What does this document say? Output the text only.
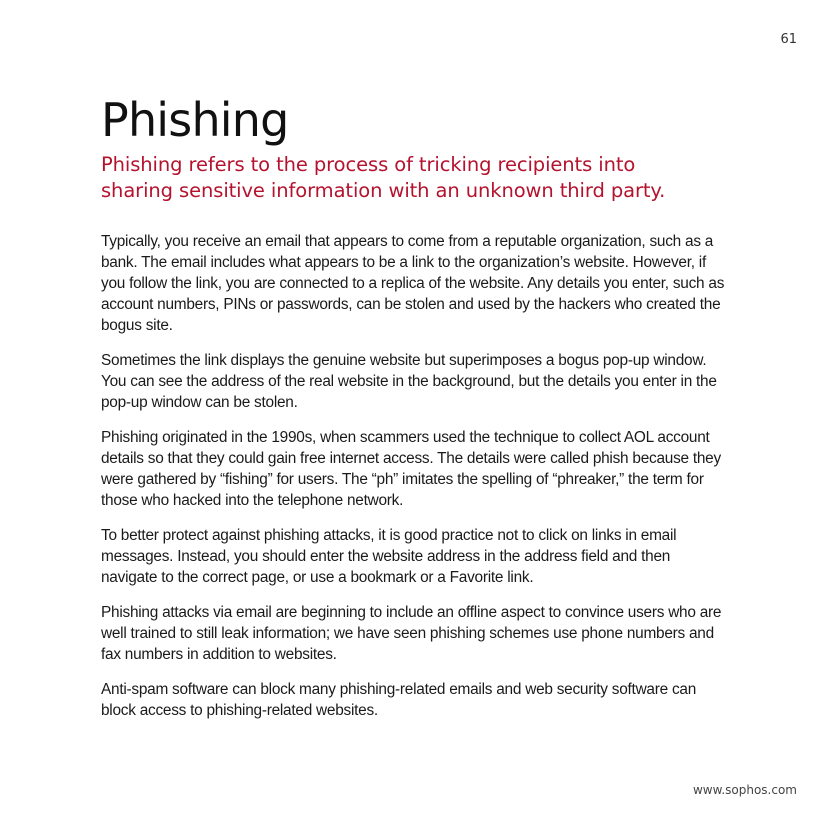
61
Phishing

Phishing refers to the process of tricking recipients into sharing sensitive information with an unknown third party.

Typically, you receive an email that appears to come from a reputable organization, such as a bank. The email includes what appears to be a link to the organization’s website. However, if you follow the link, you are connected to a replica of the website. Any details you enter, such as account numbers, PINs or passwords, can be stolen and used by the hackers who created the bogus site.

Sometimes the link displays the genuine website but superimposes a bogus pop-up window. You can see the address of the real website in the background, but the details you enter in the pop-up window can be stolen.

Phishing originated in the 1990s, when scammers used the technique to collect AOL account details so that they could gain free internet access. The details were called phish because they were gathered by “fishing” for users. The “ph” imitates the spelling of “phreaker,” the term for those who hacked into the telephone network.

To better protect against phishing attacks, it is good practice not to click on links in email messages. Instead, you should enter the website address in the address field and then navigate to the correct page, or use a bookmark or a Favorite link.

Phishing attacks via email are beginning to include an offline aspect to convince users who are well trained to still leak information; we have seen phishing schemes use phone numbers and fax numbers in addition to websites.

Anti-spam software can block many phishing-related emails and web security software can block access to phishing-related websites.

www.sophos.com
